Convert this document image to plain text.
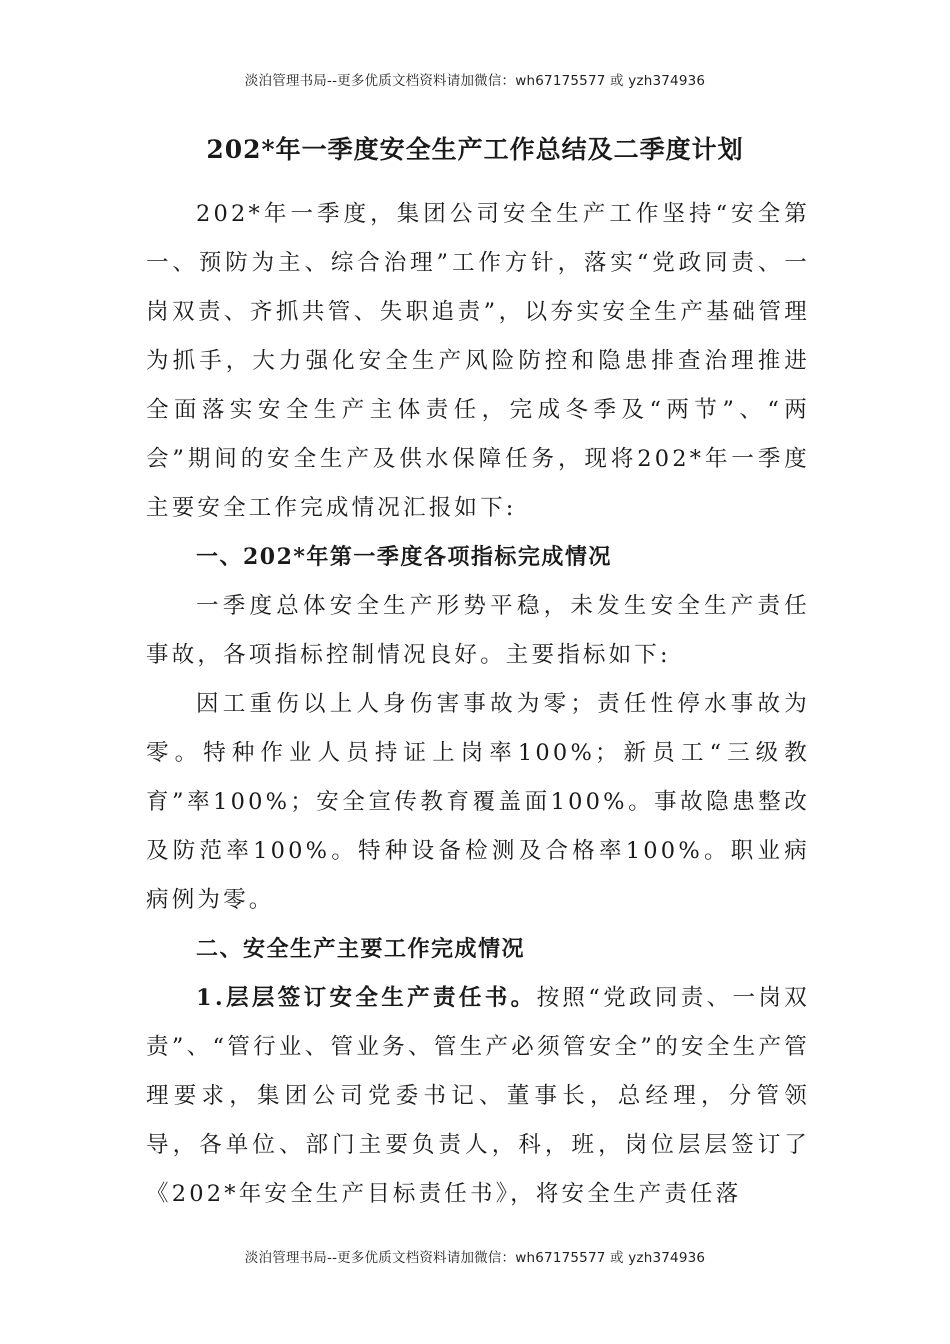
淡泊管理书局--更多优质文档资料请加微信：wh67175577 或 yzh374936
202*年一季度安全生产工作总结及二季度计划

202*年一季度，集团公司安全生产工作坚持“安全第一、预防为主、综合治理”工作方针，落实“党政同责、一岗双责、齐抓共管、失职追责”，以夯实安全生产基础管理为抓手，大力强化安全生产风险防控和隐患排查治理推进全面落实安全生产主体责任，完成冬季及“两节”、“两会”期间的安全生产及供水保障任务，现将202*年一季度主要安全工作完成情况汇报如下:

一、202*年第一季度各项指标完成情况

一季度总体安全生产形势平稳，未发生安全生产责任事故，各项指标控制情况良好。主要指标如下:

因工重伤以上人身伤害事故为零；责任性停水事故为零。特种作业人员持证上岗率100%；新员工“三级教育”率100%；安全宣传教育覆盖面100%。事故隐患整改及防范率100%。特种设备检测及合格率100%。职业病病例为零。

二、安全生产主要工作完成情况

1.层层签订安全生产责任书。按照“党政同责、一岗双责”、“管行业、管业务、管生产必须管安全”的安全生产管理要求，集团公司党委书记、董事长，总经理，分管领导，各单位、部门主要负责人，科，班，岗位层层签订了《202*年安全生产目标责任书》，将安全生产责任落

淡泊管理书局--更多优质文档资料请加微信：wh67175577 或 yzh374936
